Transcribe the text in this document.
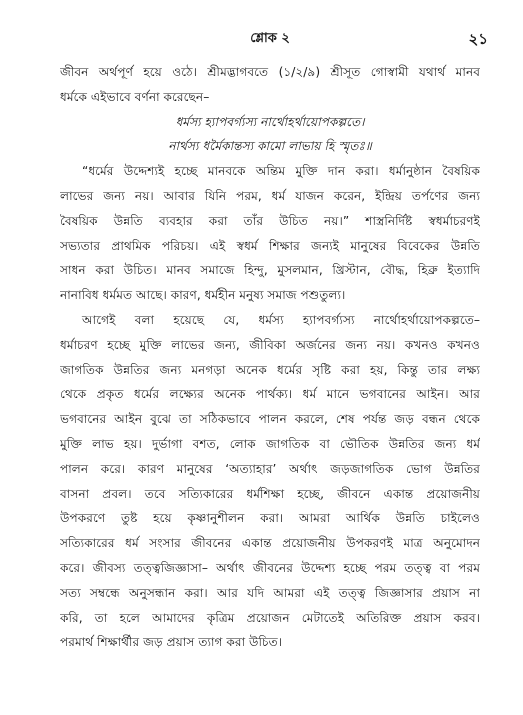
শ্লোক ২	২১
জীবন অর্থপূর্ণ হয়ে ওঠে। শ্রীমদ্ভাগবতে (১/২/৯) শ্রীসূত গোস্বামী যথার্থ মানব
ধর্মকে এইভাবে বর্ণনা করেছেন–
ধর্মস্য হ্যাপবর্গ্যস্য নার্থোহর্থায়োপকল্পতে।
নার্থস্য ধর্মৈকান্তস্য কামো লাভায় হি স্মৃতঃ॥
“ধর্মের উদ্দেশ্যই হচ্ছে মানবকে অন্তিম মুক্তি দান করা। ধর্মানুষ্ঠান বৈষয়িক
লাভের জন্য নয়। আবার যিনি পরম, ধর্ম যাজন করেন, ইন্দ্রিয় তর্পণের জন্য
বৈষয়িক উন্নতি ব্যবহার করা তাঁর উচিত নয়।” শাস্ত্রনির্দিষ্ট স্বধর্মাচরণই
সভ্যতার প্রাথমিক পরিচয়। এই স্বধর্ম শিক্ষার জন্যই মানুষের বিবেকের উন্নতি
সাধন করা উচিত। মানব সমাজে হিন্দু, মুসলমান, খ্রিস্টান, বৌদ্ধ, হিব্রু ইত্যাদি
নানাবিধ ধর্মমত আছে। কারণ, ধর্মহীন মনুষ্য সমাজ পশুতুল্য।
আগেই বলা হয়েছে যে, ধর্মস্য হ্যাপবর্গ্যস্য নার্থোহর্থায়োপকল্পতে–
ধর্মাচরণ হচ্ছে মুক্তি লাভের জন্য, জীবিকা অর্জনের জন্য নয়। কখনও কখনও
জাগতিক উন্নতির জন্য মনগড়া অনেক ধর্মের সৃষ্টি করা হয়, কিন্তু তার লক্ষ্য
থেকে প্রকৃত ধর্মের লক্ষ্যের অনেক পার্থক্য। ধর্ম মানে ভগবানের আইন। আর
ভগবানের আইন বুঝে তা সঠিকভাবে পালন করলে, শেষ পর্যন্ত জড় বন্ধন থেকে
মুক্তি লাভ হয়। দুর্ভাগা বশত, লোক জাগতিক বা ভৌতিক উন্নতির জন্য ধর্ম
পালন করে। কারণ মানুষের ‘অত্যাহার’ অর্থাৎ জড়জাগতিক ভোগ উন্নতির
বাসনা প্রবল। তবে সত্যিকারের ধর্মশিক্ষা হচ্ছে, জীবনে একান্ত প্রয়োজনীয়
উপকরণে তুষ্ট হয়ে কৃষ্ণানুশীলন করা। আমরা আর্থিক উন্নতি চাইলেও
সত্যিকারের ধর্ম সংসার জীবনের একান্ত প্রয়োজনীয় উপকরণই মাত্র অনুমোদন
করে। জীবস্য তত্ত্বজিজ্ঞাসা– অর্থাৎ জীবনের উদ্দেশ্য হচ্ছে পরম তত্ত্ব বা পরম
সত্য সম্বন্ধে অনুসন্ধান করা। আর যদি আমরা এই তত্ত্ব জিজ্ঞাসার প্রয়াস না
করি, তা হলে আমাদের কৃত্রিম প্রয়োজন মেটাতেই অতিরিক্ত প্রয়াস করব।
পরমার্থ শিক্ষার্থীর জড় প্রয়াস ত্যাগ করা উচিত।
